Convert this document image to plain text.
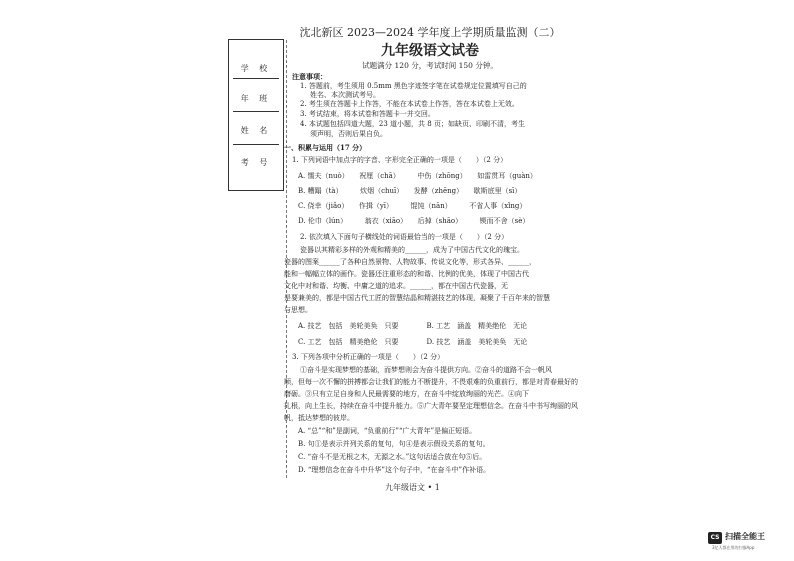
学 校
年 班
姓 名
考 号
沈北新区 2023—2024 学年度上学期质量监测（二）
九年级语文试卷
试题满分 120 分，考试时间 150 分钟。
注意事项：
1. 答题前，考生须用 0.5mm 黑色字迹签字笔在试卷规定位置填写自己的
姓名、本次测试考号。
2. 考生须在答题卡上作答，不能在本试卷上作答，答在本试卷上无效。
3. 考试结束，将本试卷和答题卡一并交回。
4. 本试题包括四道大题，23 道小题，共 8 页；如缺页、印刷不清，考生
须声明，否则后果自负。
一、积累与运用（17 分）
1. 下列词语中加点字的字音、字形完全正确的一项是（　　）（2 分）
A. 懦夫（nuò）　　祝厘（chā）　　　中伤（zhōng）　　如雷贯耳（guàn）
B. 糟蹋（tà）　　　炊烟（chuī）　　发酵（zhēng）　　歇斯底里（sī）
C. 侥幸（jiǎo）　　作揖（yī）　　　馄饨（nān）　　　不省人事（xǐng）
D. 伦巾（lún）　　　翁衣（xiāo）　　后掉（shāo）　　　锲而不舍（sè）
2. 依次填入下面句子横线处的词语最恰当的一项是（　　）（2 分）
瓷器以其精彩多样的外观和精美的______，成为了中国古代文化的瑰宝。
瓷器的图案______了各种自然景物、人物故事、传说文化等，形式各异、______，
能和一幅幅立体的画作。瓷器还注重形态的和谐、比例的优美，体现了中国古代
文化中对和谐、均衡、中庸之道的追求。______，都在中国古代瓷器，无
是要兼美的，都是中国古代工匠的智慧结晶和精湛技艺的体现，凝聚了千百年来的智慧
与思想。
A. 技艺　包括　美轮美奂　只要　　　　B. 工艺　涵盖　精美绝伦　无论
C. 工艺　包括　精美绝伦　只要　　　　D. 技艺　涵盖　美轮美奂　无论
3. 下列各项中分析正确的一项是（　　）（2 分）
①奋斗是实现梦想的基础，而梦想则会为奋斗提供方向。②奋斗的道路不会一帆风
顺，但每一次不懈的拼搏都会让我们的能力不断提升，不畏艰难的负重前行，都是对青春最好的
磨砺。③只有立足自身和人民最需要的地方，在奋斗中绽放绚丽的光芒。④向下
扎根，向上生长，持续在奋斗中提升能力。⑤广大青年要坚定理想信念。在奋斗中书写绚丽的风
帆，抵达梦想的彼岸。
A. “总”“和”是副词，“负重前行”“广大青年”是偏正短语。
B. 句①是表示并列关系的复句，句④是表示假设关系的复句。
C. “奋斗不是无根之木，无源之水。”这句话适合放在句⑤后。
D. “理想信念在奋斗中升华”这个句子中，“在奋斗中”作补语。
九年级语文 • 1
CS 扫描全能王
3亿人都在用的扫描App
